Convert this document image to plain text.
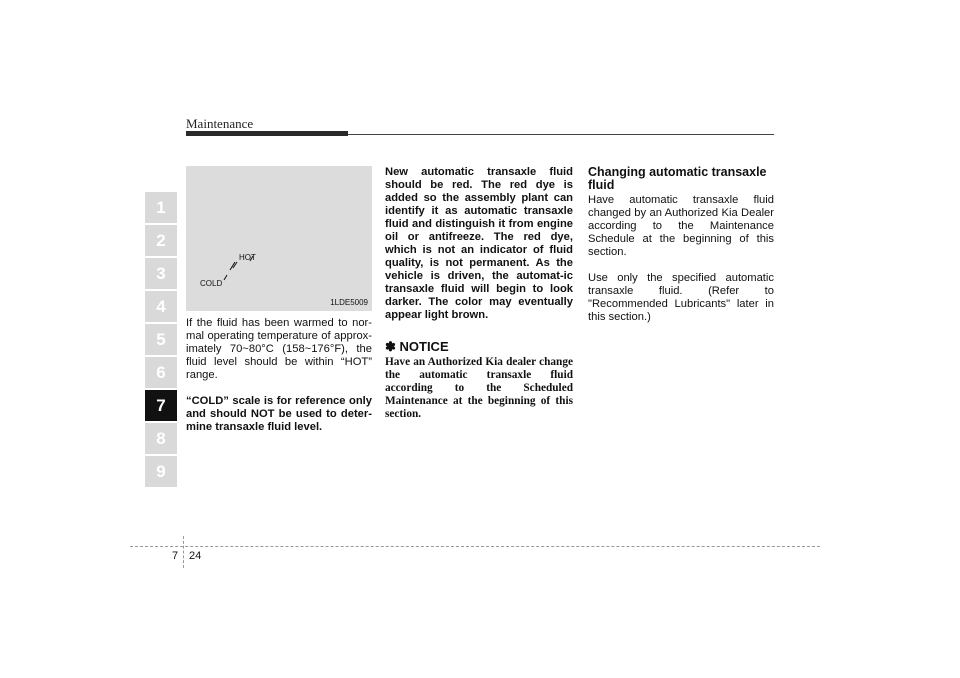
Maintenance
1
2
3
4
5
6
7
8
9
HOT
COLD
1LDE5009

If the fluid has been warmed to nor-mal operating temperature of approx-imately 70~80°C (158~176°F), the fluid level should be within “HOT” range.

“COLD” scale is for reference only and should NOT be used to deter-mine transaxle fluid level.

New automatic transaxle fluid should be red. The red dye is added so the assembly plant can identify it as automatic transaxle fluid and distinguish it from engine oil or antifreeze. The red dye, which is not an indicator of fluid quality, is not permanent. As the vehicle is driven, the automat-ic transaxle fluid will begin to look darker. The color may eventually appear light brown.

✽ NOTICE
Have an Authorized Kia dealer change the automatic transaxle fluid according to the Scheduled Maintenance at the beginning of this section.
Changing automatic transaxle fluid

Have automatic transaxle fluid changed by an Authorized Kia Dealer according to the Maintenance Schedule at the beginning of this section.

Use only the specified automatic transaxle fluid. (Refer to "Recommended Lubricants" later in this section.)

7 24
